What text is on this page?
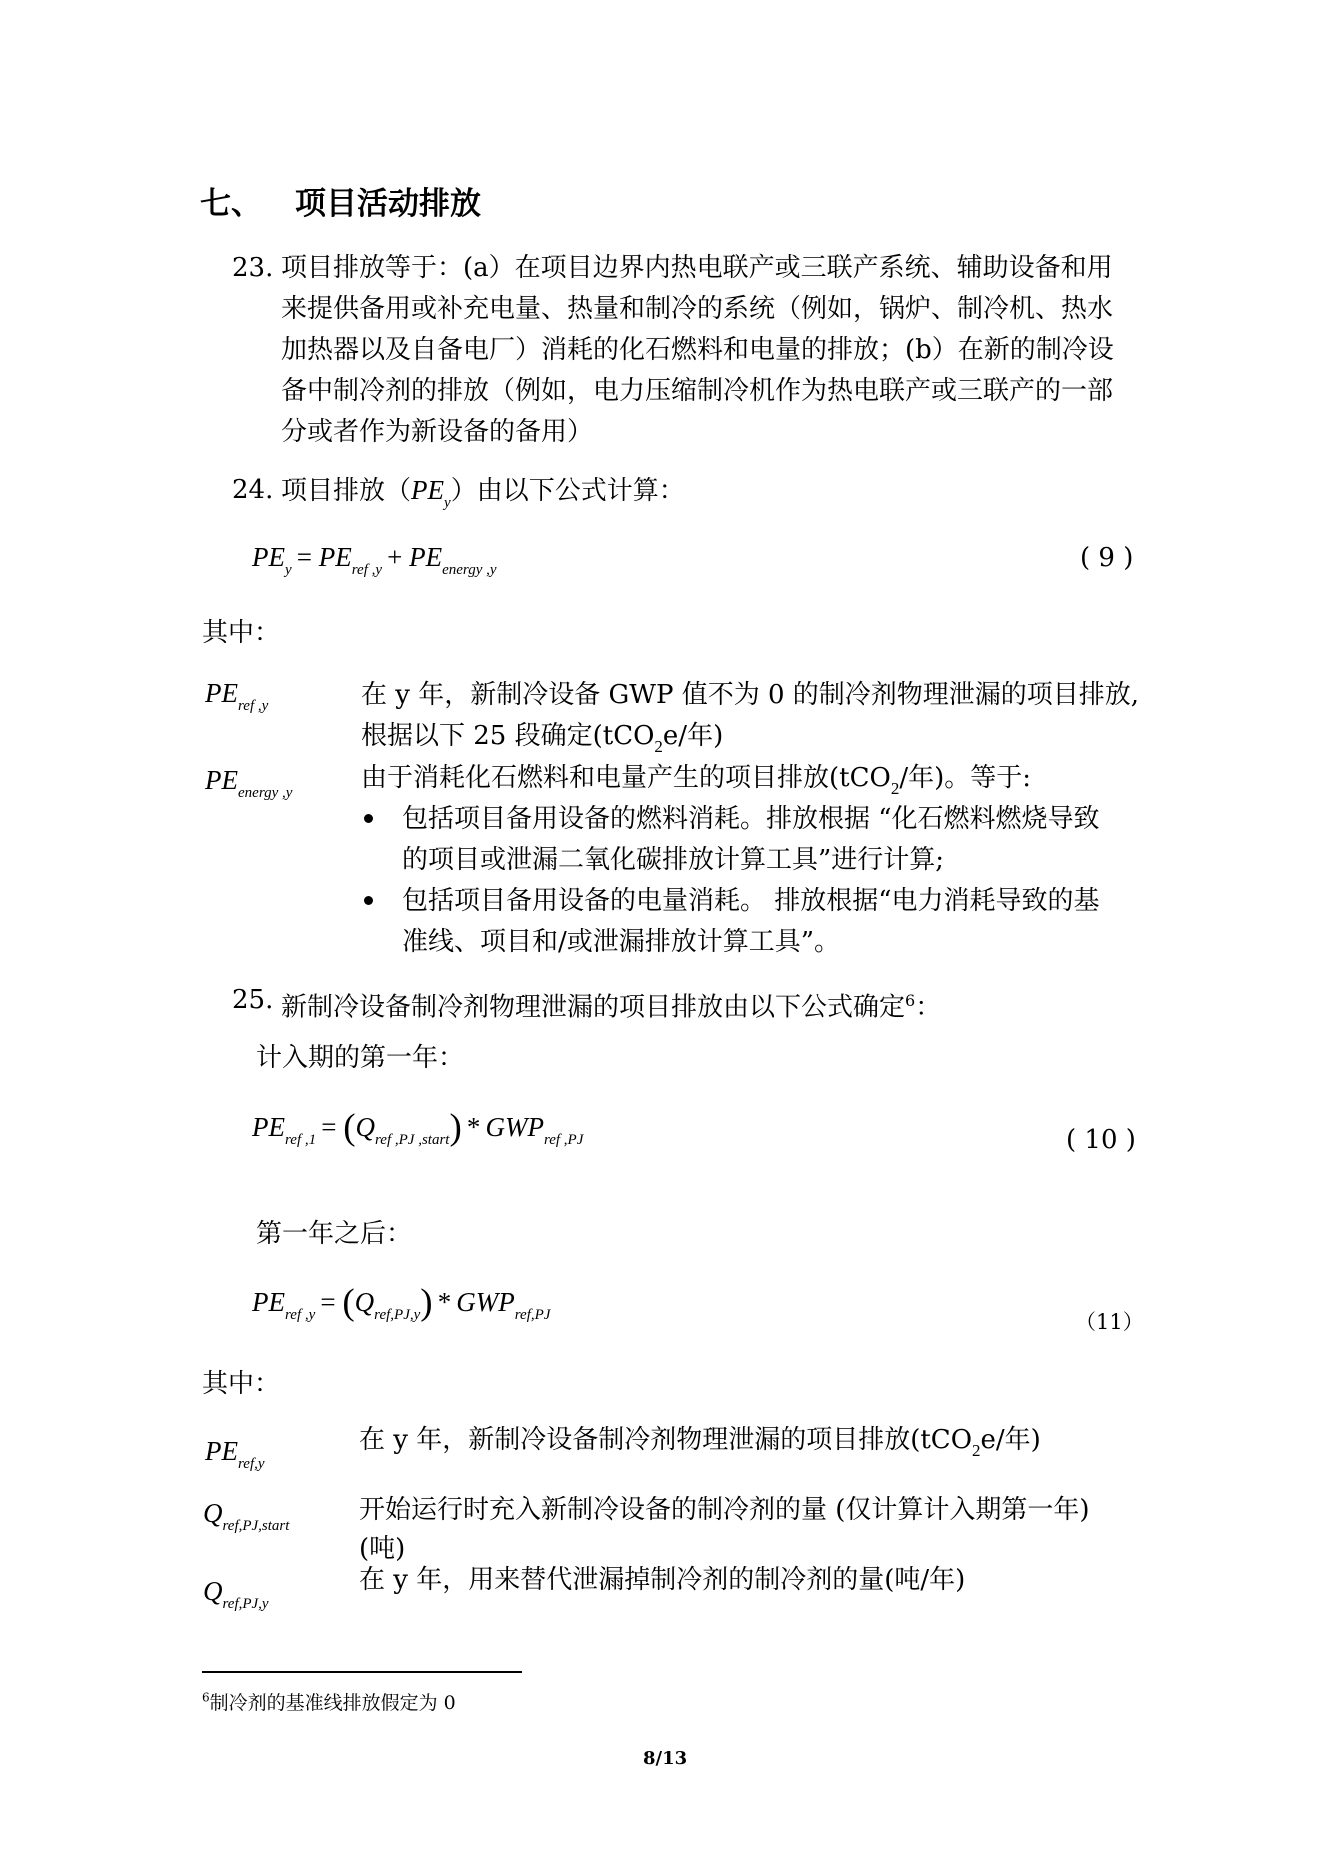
七、 项目活动排放
23. 项目排放等于：(a）在项目边界内热电联产或三联产系统、辅助设备和用
来提供备用或补充电量、热量和制冷的系统（例如，锅炉、制冷机、热水
加热器以及自备电厂）消耗的化石燃料和电量的排放；(b）在新的制冷设
备中制冷剂的排放（例如，电力压缩制冷机作为热电联产或三联产的一部
分或者作为新设备的备用）
24. 项目排放$(PE_y)$由以下公式计算：
PEy = PEref ,y + PEenergy ,y	( 9 )
其中：
PEref ,y	在 y 年，新制冷设备 GWP 值不为 0 的制冷剂物理泄漏的项目排放,
根据以下 25 段确定(tCO$_2$e/年)
PEenergy ,y	由于消耗化石燃料和电量产生的项目排放(tCO$_2$/年)。等于:
包括项目备用设备的燃料消耗。排放根据 “化石燃料燃烧导致
的项目或泄漏二氧化碳排放计算工具”进行计算;
包括项目备用设备的电量消耗。 排放根据“电力消耗导致的基
准线、项目和/或泄漏排放计算工具”。
25. 新制冷设备制冷剂物理泄漏的项目排放由以下公式确定$^6$：
计入期的第一年：
PEref ,1 = (Qref ,PJ ,start) * GWPref ,PJ	( 10 )
第一年之后：
PEref ,y = (Qref,PJ,y) * GWPref,PJ	（11）
其中：
PEref,y
在 y 年，新制冷设备制冷剂物理泄漏的项目排放(tCO$_2$e/年)
Qref,PJ,start
开始运行时充入新制冷设备的制冷剂的量 (仅计算计入期第一年)
(吨)
Qref,PJ,y
在 y 年，用来替代泄漏掉制冷剂的制冷剂的量(吨/年)
$^6$制冷剂的基准线排放假定为 0
8/13
